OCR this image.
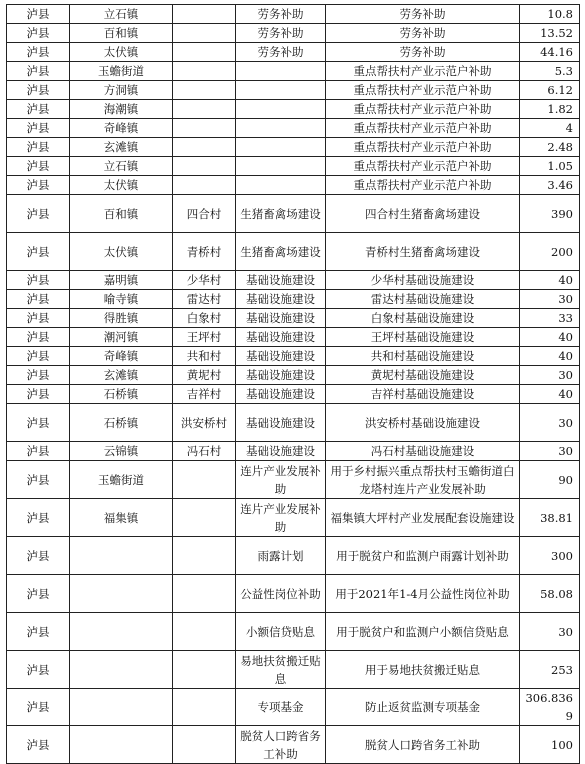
泸县	立石镇		劳务补助	劳务补助	10.8
泸县	百和镇		劳务补助	劳务补助	13.52
泸县	太伏镇		劳务补助	劳务补助	44.16
泸县	玉蟾街道			重点帮扶村产业示范户补助	5.3
泸县	方洞镇			重点帮扶村产业示范户补助	6.12
泸县	海潮镇			重点帮扶村产业示范户补助	1.82
泸县	奇峰镇			重点帮扶村产业示范户补助	4
泸县	玄滩镇			重点帮扶村产业示范户补助	2.48
泸县	立石镇			重点帮扶村产业示范户补助	1.05
泸县	太伏镇			重点帮扶村产业示范户补助	3.46
泸县	百和镇	四合村	生猪畜禽场建设	四合村生猪畜禽场建设	390
泸县	太伏镇	青桥村	生猪畜禽场建设	青桥村生猪畜禽场建设	200
泸县	嘉明镇	少华村	基础设施建设	少华村基础设施建设	40
泸县	喻寺镇	雷达村	基础设施建设	雷达村基础设施建设	30
泸县	得胜镇	白象村	基础设施建设	白象村基础设施建设	33
泸县	潮河镇	王坪村	基础设施建设	王坪村基础设施建设	40
泸县	奇峰镇	共和村	基础设施建设	共和村基础设施建设	40
泸县	玄滩镇	黄坭村	基础设施建设	黄坭村基础设施建设	30
泸县	石桥镇	吉祥村	基础设施建设	吉祥村基础设施建设	40
泸县	石桥镇	洪安桥村	基础设施建设	洪安桥村基础设施建设	30
泸县	云锦镇	冯石村	基础设施建设	冯石村基础设施建设	30
泸县	玉蟾街道		连片产业发展补助	用于乡村振兴重点帮扶村玉蟾街道白龙塔村连片产业发展补助	90
泸县	福集镇		连片产业发展补助	福集镇大坪村产业发展配套设施建设	38.81
泸县			雨露计划	用于脱贫户和监测户雨露计划补助	300
泸县			公益性岗位补助	用于2021年1-4月公益性岗位补助	58.08
泸县			小额信贷贴息	用于脱贫户和监测户小额信贷贴息	30
泸县			易地扶贫搬迁贴息	用于易地扶贫搬迁贴息	253
泸县			专项基金	防止返贫监测专项基金	306.8369
泸县			脱贫人口跨省务工补助	脱贫人口跨省务工补助	100
